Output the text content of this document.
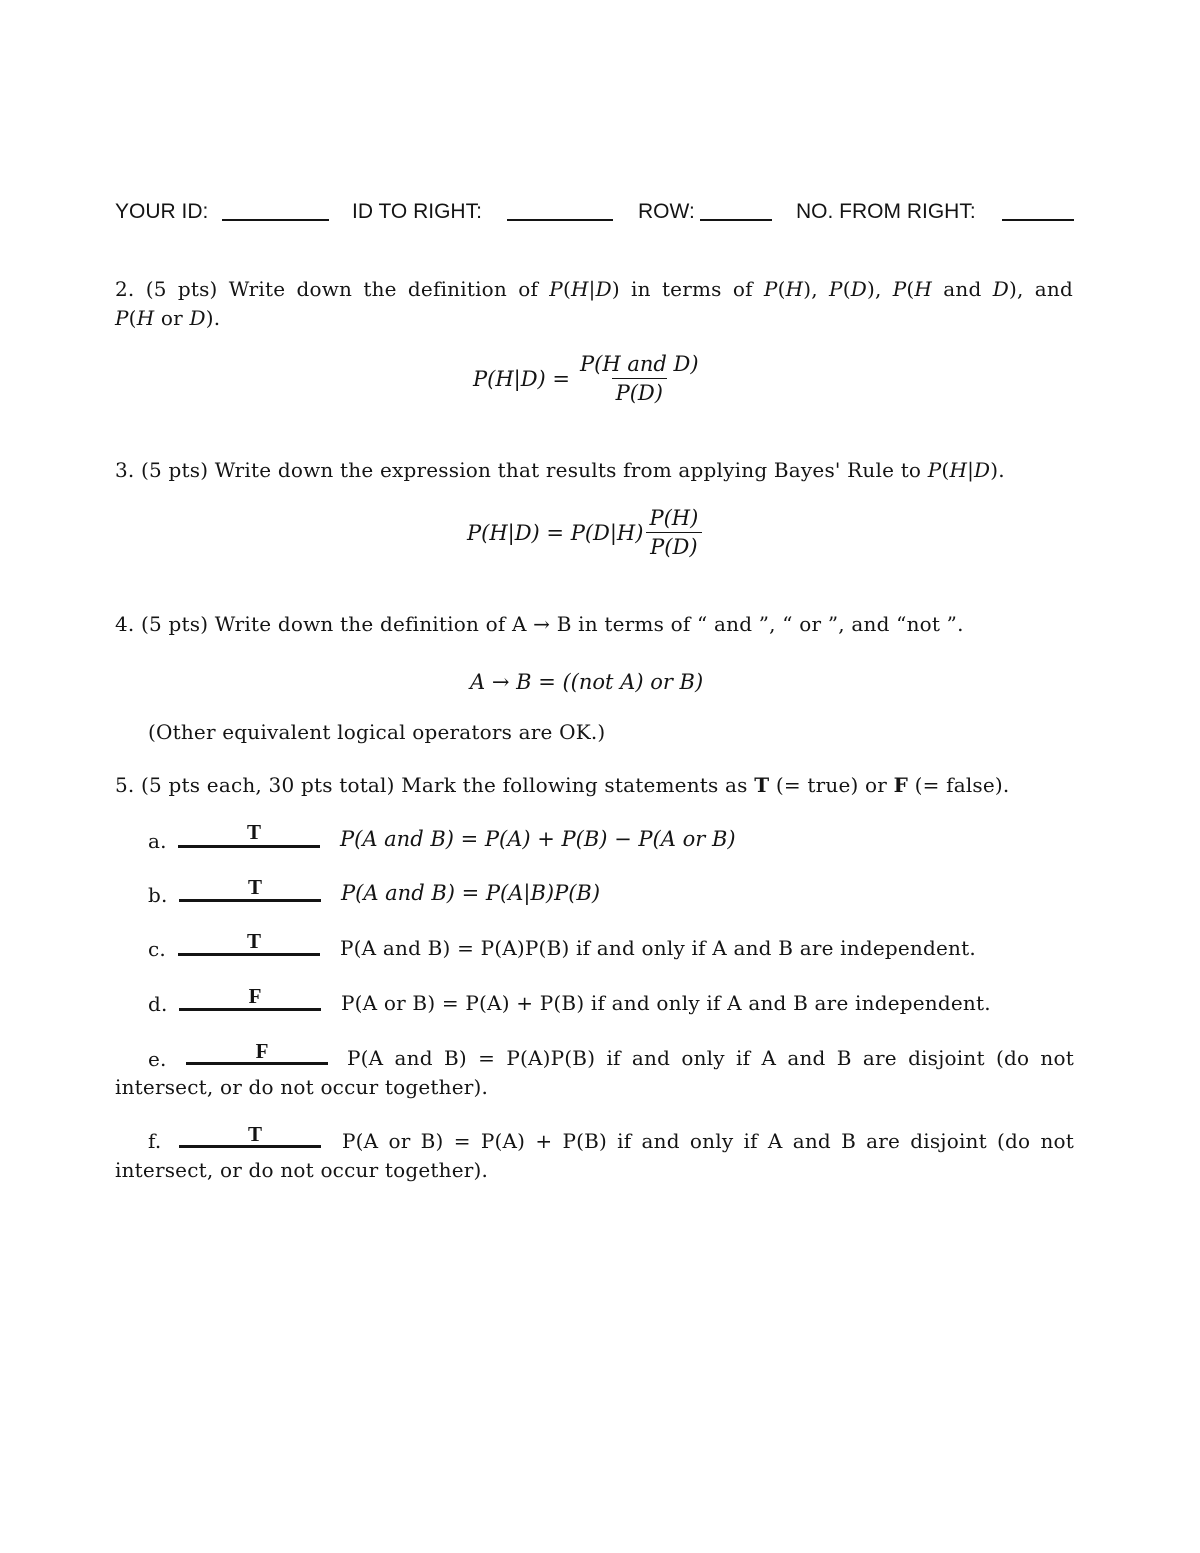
YOUR ID:	ID TO RIGHT:	ROW:	NO. FROM RIGHT:
2. (5 pts) Write down the definition of P(H|D) in terms of P(H), P(D), P(H and D), and
P(H or D).
$P(H|D) = \frac{\text{P(H and D)}}{P(D)}$
3. (5 pts) Write down the expression that results from applying Bayes' Rule to P(H|D).
$P(H|D) = P(D|H) \frac{P(H)}{P(D)}$
4. (5 pts) Write down the definition of A → B in terms of “ and ”, “ or ”, and “not ”.
A → B = ((not A) or B)
(Other equivalent logical operators are OK.)
5. (5 pts each, 30 pts total) Mark the following statements as T (= true) or F (= false).
a.	T	P(A and B) = P(A) + P(B) − P(A or B)
b.	T	P(A and B) = P(A|B)P(B)
c.	T	P(A and B) = P(A)P(B) if and only if A and B are independent.
d.	F	P(A or B) = P(A) + P(B) if and only if A and B are independent.
e.	F	P(A and B) = P(A)P(B) if and only if A and B are disjoint (do not
intersect, or do not occur together).
f.	T	P(A or B) = P(A) + P(B) if and only if A and B are disjoint (do not
intersect, or do not occur together).
